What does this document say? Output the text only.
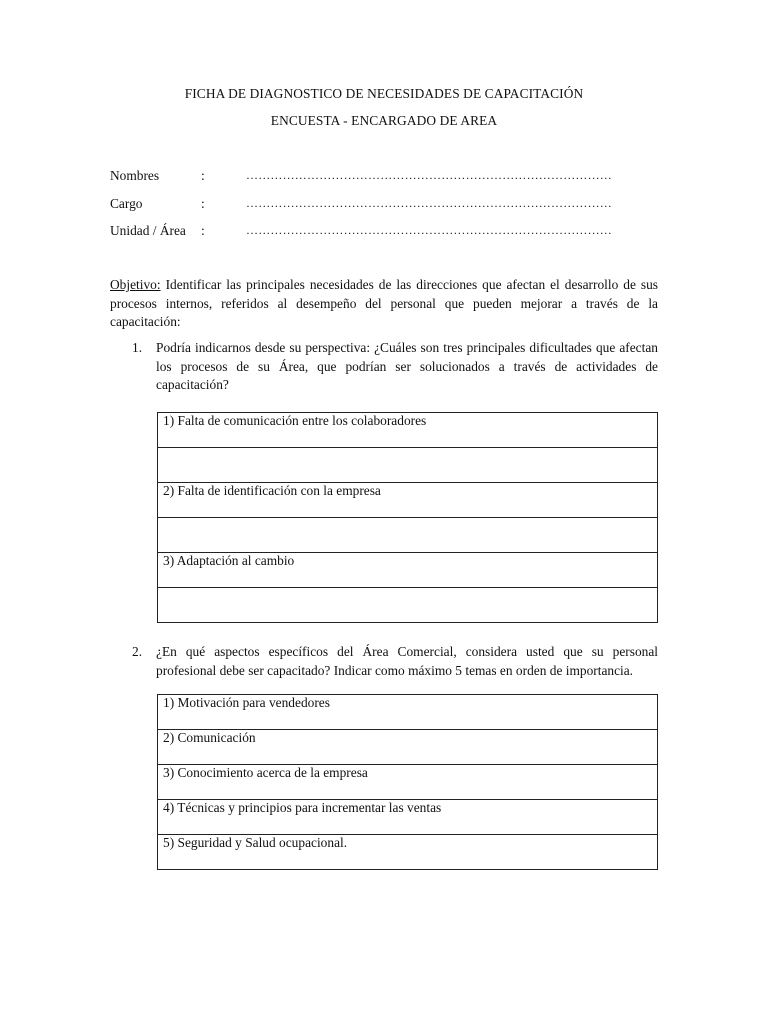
FICHA DE DIAGNOSTICO DE NECESIDADES DE CAPACITACIÓN
ENCUESTA - ENCARGADO DE AREA
Nombres	:	………………………………………………………………………………
Cargo	:	………………………………………………………………………………
Unidad / Área :	………………………………………………………………………………
Objetivo: Identificar las principales necesidades de las direcciones que afectan el desarrollo de sus procesos internos, referidos al desempeño del personal que pueden mejorar a través de la capacitación:
1. Podría indicarnos desde su perspectiva: ¿Cuáles son tres principales dificultades que afectan los procesos de su Área, que podrían ser solucionados a través de actividades de capacitación?
1) Falta de comunicación entre los colaboradores

2) Falta de identificación con la empresa

3) Adaptación al cambio

2. ¿En qué aspectos específicos del Área Comercial, considera usted que su personal profesional debe ser capacitado? Indicar como máximo 5 temas en orden de importancia.
1) Motivación para vendedores
2) Comunicación
3) Conocimiento acerca de la empresa
4) Técnicas y principios para incrementar las ventas
5) Seguridad y Salud ocupacional.
